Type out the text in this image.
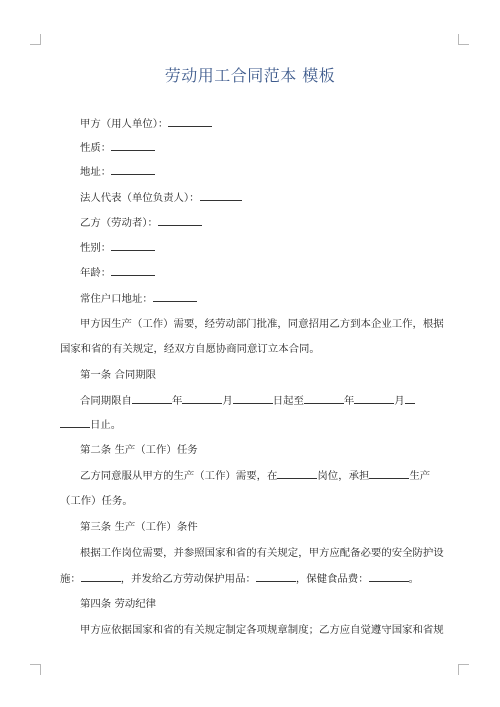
劳动用工合同范本 模板
甲方（用人单位）：
性质：
地址：
法人代表（单位负责人）：
乙方（劳动者）：
性别：
年龄：
常住户口地址：
甲方因生产（工作）需要，经劳动部门批准，同意招用乙方到本企业工作，根据
国家和省的有关规定，经双方自愿协商同意订立本合同。
第一条 合同期限
合同期限自	年	月	日起至	年	月
日止。
第二条 生产（工作）任务
乙方同意服从甲方的生产（工作）需要，在	岗位，承担	生产
（工作）任务。
第三条 生产（工作）条件
根据工作岗位需要，并参照国家和省的有关规定，甲方应配备必要的安全防护设
施：	，并发给乙方劳动保护用品：	，保健食品费：	。
第四条 劳动纪律
甲方应依据国家和省的有关规定制定各项规章制度；乙方应自觉遵守国家和省规
